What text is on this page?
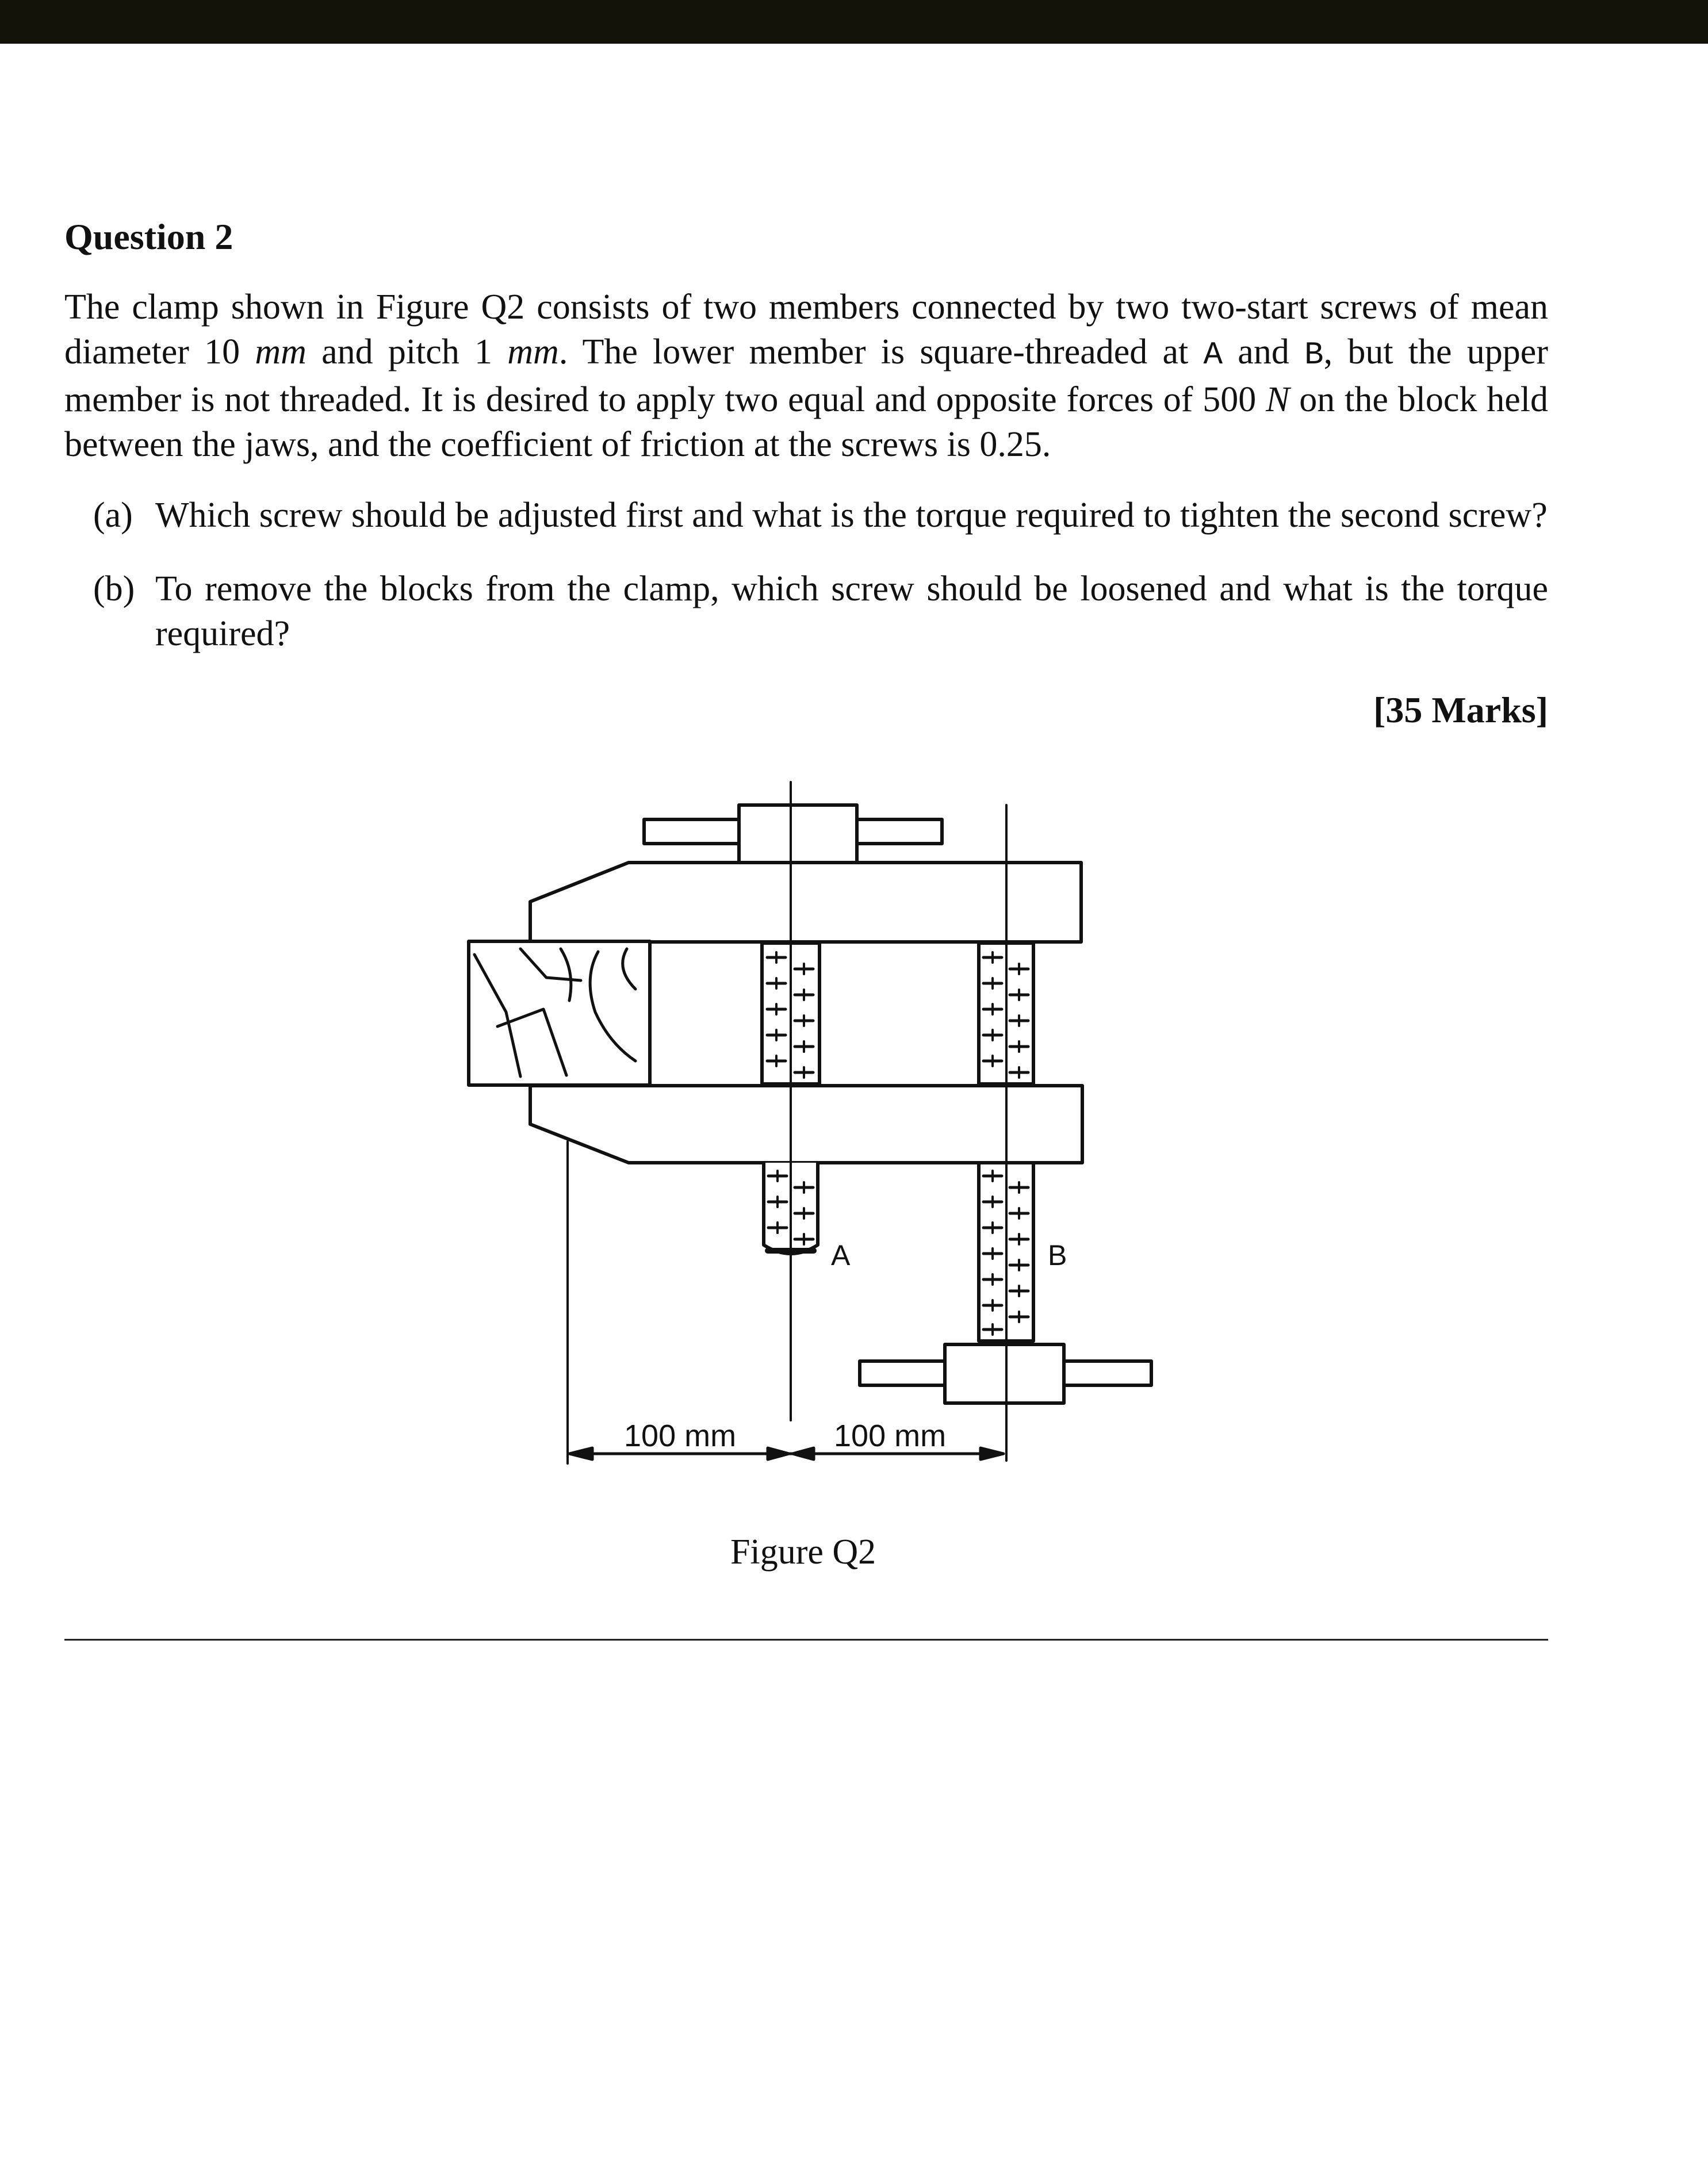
Question 2
The clamp shown in Figure Q2 consists of two members connected by two two-start screws of mean diameter 10 mm and pitch 1 mm. The lower member is square-threaded at A and B, but the upper member is not threaded. It is desired to apply two equal and opposite forces of 500 N on the block held between the jaws, and the coefficient of friction at the screws is 0.25.
(a) Which screw should be adjusted first and what is the torque required to tighten the second screw?
(b) To remove the blocks from the clamp, which screw should be loosened and what is the torque required?
[35 Marks]
A	B
100 mm	100 mm
Figure Q2
